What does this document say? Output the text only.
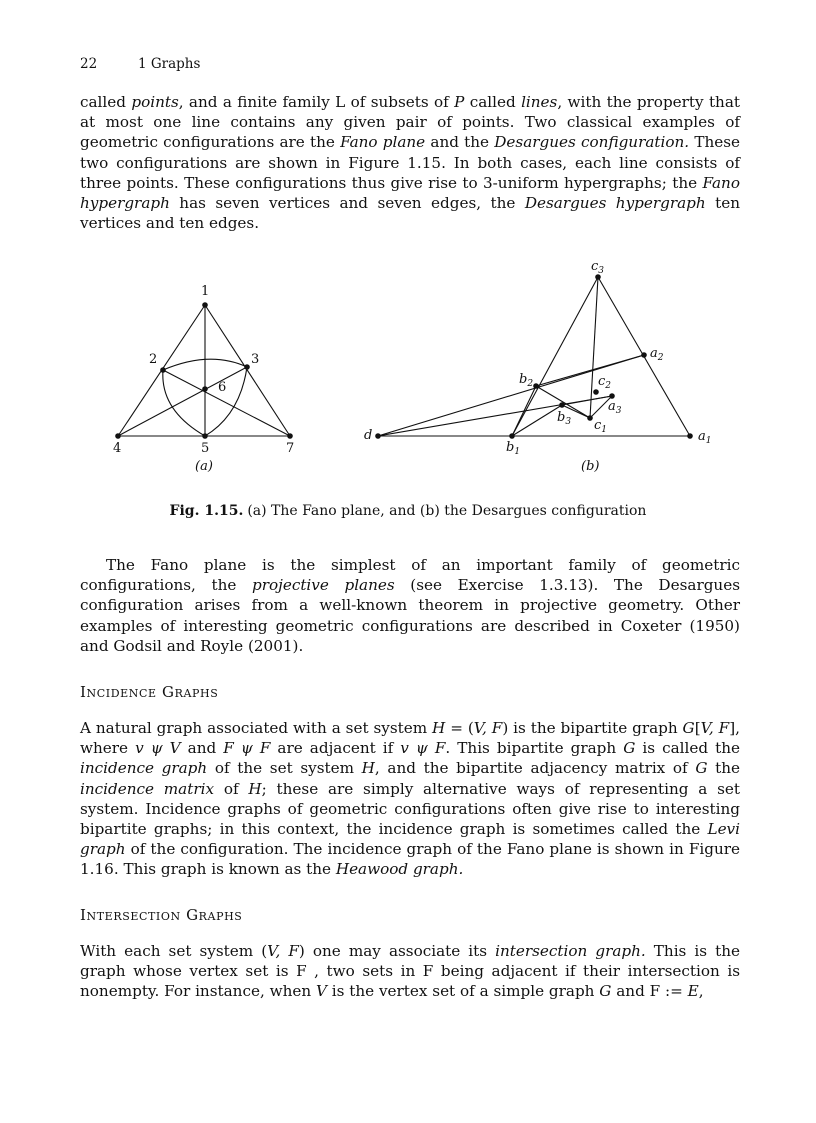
22	1 Graphs

called points, and a finite family L of subsets of P called lines, with the property that at most one line contains any given pair of points. Two classical examples of geometric configurations are the Fano plane and the Desargues configuration. These two configurations are shown in Figure 1.15. In both cases, each line consists of three points. These configurations thus give rise to 3-uniform hypergraphs; the Fano hypergraph has seven vertices and seven edges, the Desargues hypergraph ten vertices and ten edges.

1
2	3
6
4	5	7
(a)
$c_3$
$a_2$
$b_2$	$c_2$
$a_3$
$b_3$ $c_1$
d
$b_1$
$a_1$
(b)
Fig. 1.15. (a) The Fano plane, and (b) the Desargues configuration

The Fano plane is the simplest of an important family of geometric configurations, the projective planes (see Exercise 1.3.13). The Desargues configuration arises from a well-known theorem in projective geometry. Other examples of interesting geometric configurations are described in Coxeter (1950) and Godsil and Royle (2001).

Incidence Graphs

A natural graph associated with a set system H = (V, F) is the bipartite graph G[V, F], where v ψ V and F ψ F are adjacent if v ψ F. This bipartite graph G is called the incidence graph of the set system H, and the bipartite adjacency matrix of G the incidence matrix of H; these are simply alternative ways of representing a set system. Incidence graphs of geometric configurations often give rise to interesting bipartite graphs; in this context, the incidence graph is sometimes called the Levi graph of the configuration. The incidence graph of the Fano plane is shown in Figure 1.16. This graph is known as the Heawood graph.

Intersection Graphs

With each set system (V, F) one may associate its intersection graph. This is the graph whose vertex set is F , two sets in F being adjacent if their intersection is nonempty. For instance, when V is the vertex set of a simple graph G and F := E,
